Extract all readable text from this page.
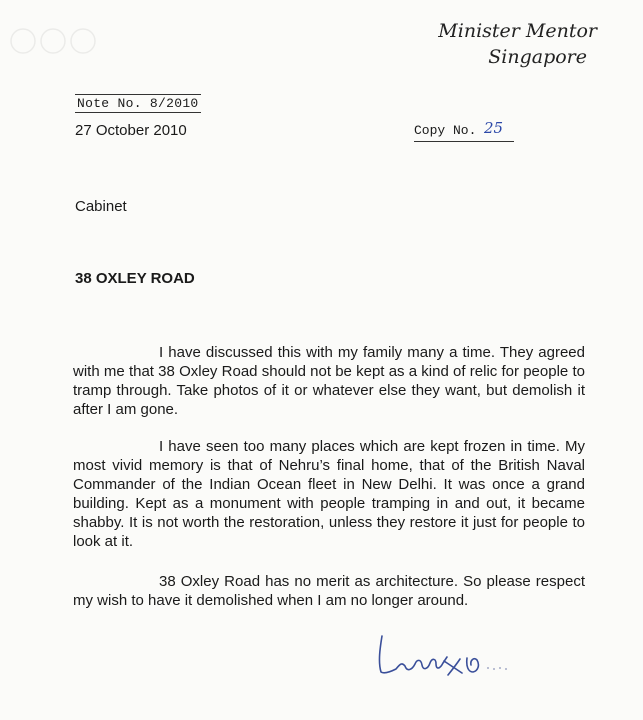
Minister Mentor
Singapore
Note No. 8/2010
27 October 2010	Copy No. 25
Cabinet
38 OXLEY ROAD

I have discussed this with my family many a time. They agreed with me that 38 Oxley Road should not be kept as a kind of relic for people to tramp through. Take photos of it or whatever else they want, but demolish it after I am gone.

I have seen too many places which are kept frozen in time. My most vivid memory is that of Nehru’s final home, that of the British Naval Commander of the Indian Ocean fleet in New Delhi. It was once a grand building. Kept as a monument with people tramping in and out, it became shabby. It is not worth the restoration, unless they restore it just for people to look at it.

38 Oxley Road has no merit as architecture. So please respect my wish to have it demolished when I am no longer around.
